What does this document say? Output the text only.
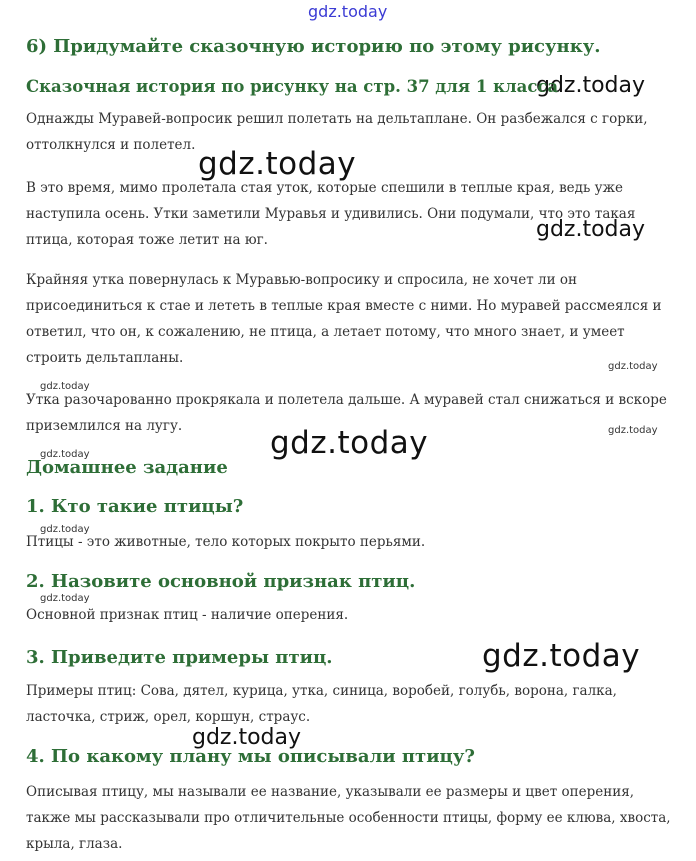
gdz.today
gdz.today
gdz.today
gdz.today
gdz.today
gdz.today
gdz.today
gdz.today
gdz.today
gdz.today
gdz.today
gdz.today
gdz.today
6) Придумайте сказочную историю по этому рисунку.
Сказочная история по рисунку на стр. 37 для 1 класса
Однажды Муравей-вопросик решил полетать на дельтаплане. Он разбежался с горки,
оттолкнулся и полетел.
В это время, мимо пролетала стая уток, которые спешили в теплые края, ведь уже
наступила осень. Утки заметили Муравья и удивились. Они подумали, что это такая
птица, которая тоже летит на юг.
Крайняя утка повернулась к Муравью-вопросику и спросила, не хочет ли он
присоединиться к стае и лететь в теплые края вместе с ними. Но муравей рассмеялся и
ответил, что он, к сожалению, не птица, а летает потому, что много знает, и умеет
строить дельтапланы.
Утка разочарованно прокрякала и полетела дальше. А муравей стал снижаться и вскоре
приземлился на лугу.
Домашнее задание
1. Кто такие птицы?
Птицы - это животные, тело которых покрыто перьями.
2. Назовите основной признак птиц.
Основной признак птиц - наличие оперения.
3. Приведите примеры птиц.
Примеры птиц: Сова, дятел, курица, утка, синица, воробей, голубь, ворона, галка,
ласточка, стриж, орел, коршун, страус.
4. По какому плану мы описывали птицу?
Описывая птицу, мы называли ее название, указывали ее размеры и цвет оперения,
также мы рассказывали про отличительные особенности птицы, форму ее клюва, хвоста,
крыла, глаза.
